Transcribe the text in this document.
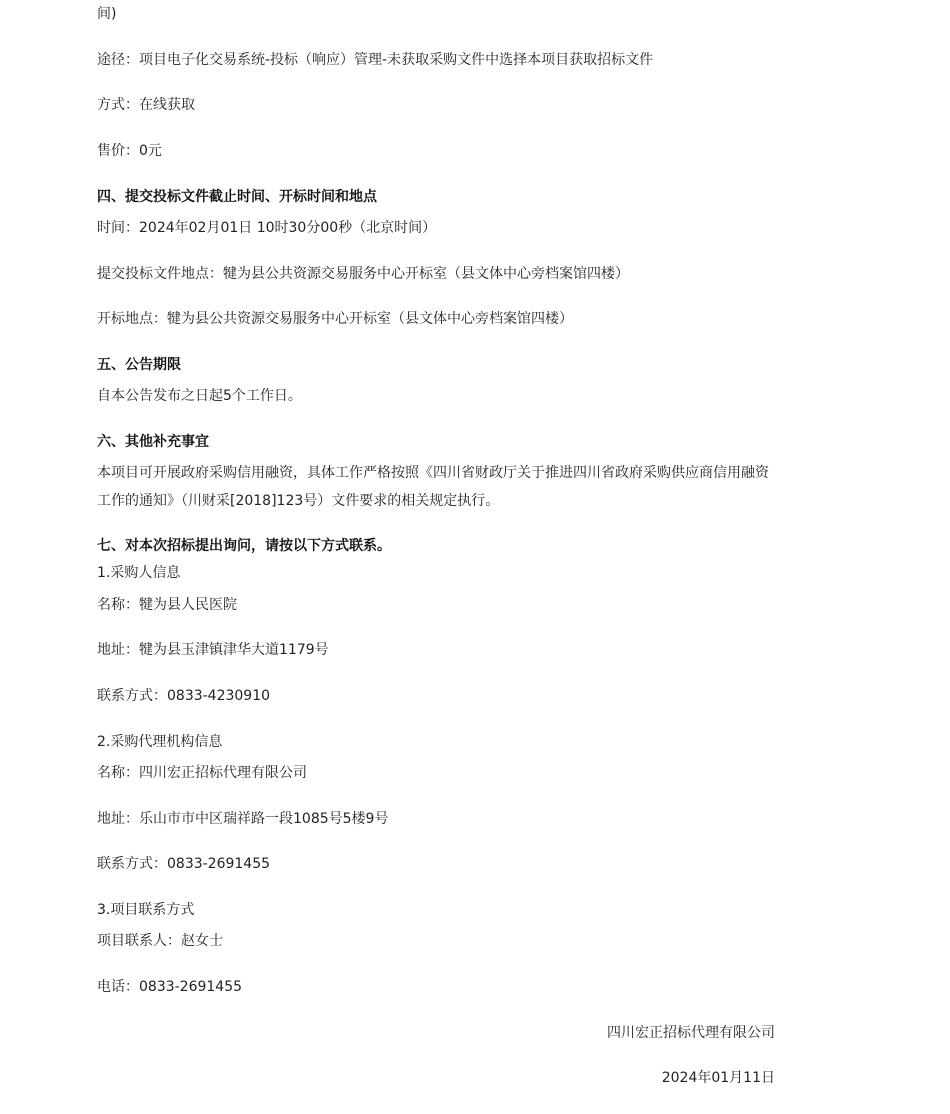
间)
途径：项目电子化交易系统-投标（响应）管理-未获取采购文件中选择本项目获取招标文件
方式：在线获取
售价：0元
四、提交投标文件截止时间、开标时间和地点
时间：2024年02月01日 10时30分00秒（北京时间）
提交投标文件地点：犍为县公共资源交易服务中心开标室（县文体中心旁档案馆四楼）
开标地点：犍为县公共资源交易服务中心开标室（县文体中心旁档案馆四楼）
五、公告期限
自本公告发布之日起5个工作日。
六、其他补充事宜
本项目可开展政府采购信用融资，具体工作严格按照《四川省财政厅关于推进四川省政府采购供应商信用融资工作的通知》（川财采[2018]123号）文件要求的相关规定执行。
七、对本次招标提出询问，请按以下方式联系。
1.采购人信息
名称：犍为县人民医院
地址：犍为县玉津镇津华大道1179号
联系方式：0833-4230910
2.采购代理机构信息
名称：四川宏正招标代理有限公司
地址：乐山市市中区瑞祥路一段1085号5楼9号
联系方式：0833-2691455
3.项目联系方式
项目联系人：赵女士
电话：0833-2691455
四川宏正招标代理有限公司
2024年01月11日
